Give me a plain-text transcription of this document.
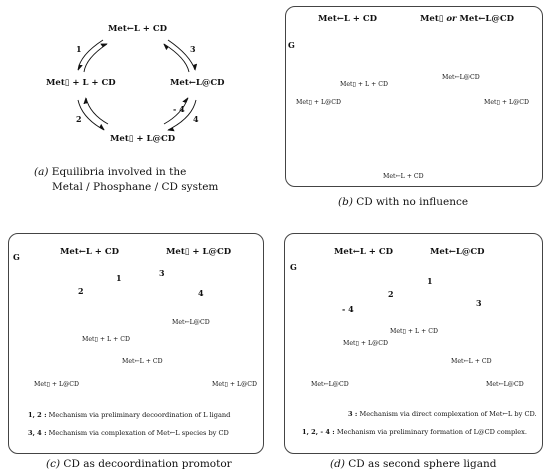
Met←L + CD
Met▯ + L + CD	Met←L@CD
Met▯ + L@CD
1	3
2
- 4
4
(a) Equilibria involved in the
Metal / Phosphane / CD system
G
Met←L + CD	Met▯ or Met←L@CD
Met▯ + L@CD	Met▯ + L@CD
Met▯ + L + CD
Met←L@CD
Met←L + CD
(b) CD with no influence
G	Met←L + CD	Met▯ + L@CD
2
1	3
4
Met▯ + L + CD
Met←L@CD
Met←L + CD
Met▯ + L@CD	Met▯ + L@CD
1, 2 : Mechanism via preliminary decoordination of L ligand
3, 4 : Mechanism via complexation of Met←L species by CD
(c) CD as decoordination promotor
G
Met←L + CD	Met←L@CD
- 4
2
1
3
Met▯ + L@CD
Met▯ + L + CD
Met←L + CD
Met←L@CD	Met←L@CD
3 : Mechanism via direct complexation of Met←L by CD.
1, 2, - 4 : Mechanism via preliminary formation of L@CD complex.
(d) CD as second sphere ligand
